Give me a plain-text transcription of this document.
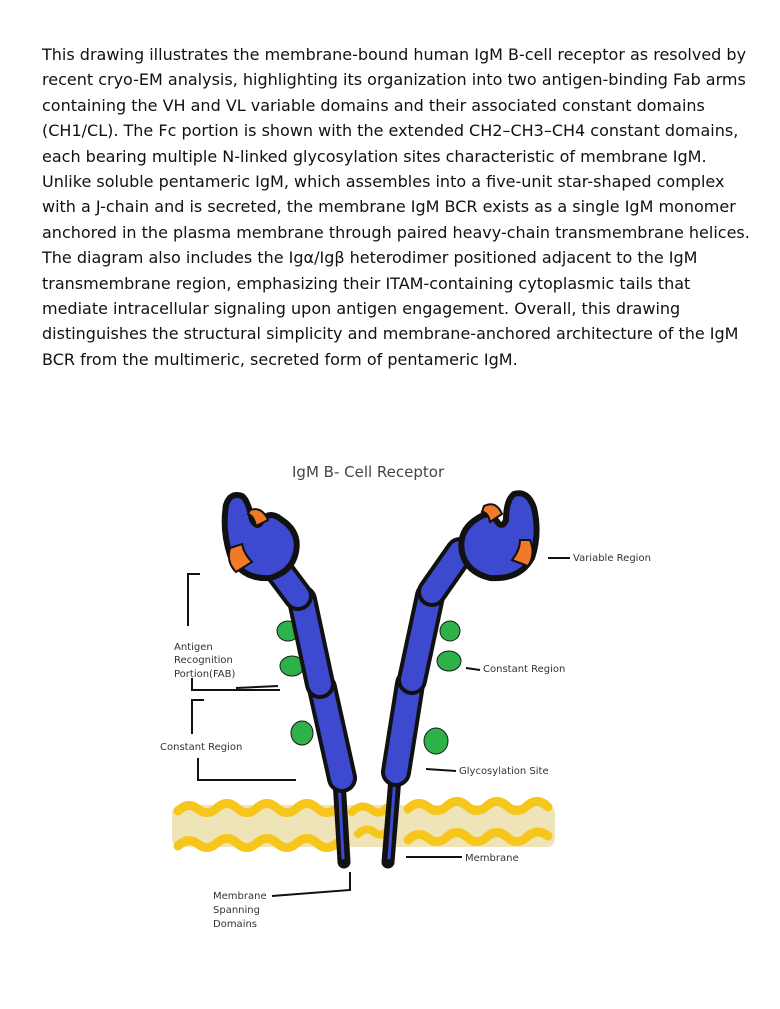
This drawing illustrates the membrane-bound human IgM B-cell receptor as resolved by recent cryo-EM analysis, highlighting its organization into two antigen-binding Fab arms containing the VH and VL variable domains and their associated constant domains (CH1/CL). The Fc portion is shown with the extended CH2–CH3–CH4 constant domains, each bearing multiple N-linked glycosylation sites characteristic of membrane IgM. Unlike soluble pentameric IgM, which assembles into a five-unit star-shaped complex with a J-chain and is secreted, the membrane IgM BCR exists as a single IgM monomer anchored in the plasma membrane through paired heavy-chain transmembrane helices. The diagram also includes the Igα/Igβ heterodimer positioned adjacent to the IgM transmembrane region, emphasizing their ITAM-containing cytoplasmic tails that mediate intracellular signaling upon antigen engagement. Overall, this drawing distinguishes the structural simplicity and membrane-anchored architecture of the IgM BCR from the multimeric, secreted form of pentameric IgM.

IgM B- Cell Receptor
Variable Region
Constant Region
Glycosylation Site
Membrane
Antigen
Recognition
Portion(FAB)
Constant Region
Membrane
Spanning
Domains
